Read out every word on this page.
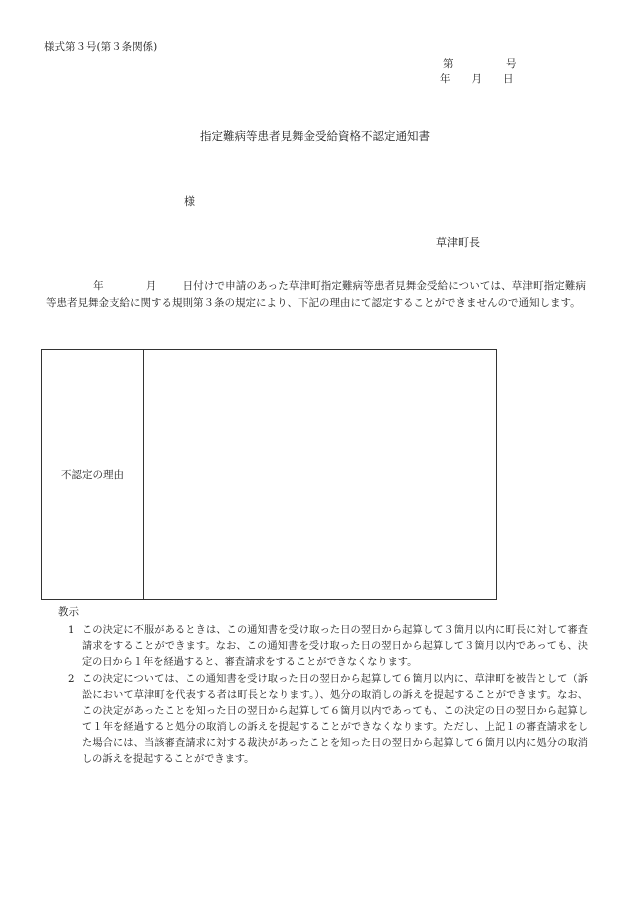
様式第３号(第３条関係)
第　　　　　号
年　　月　　日
指定難病等患者見舞金受給資格不認定通知書
様
草津町長
年	月 日付けで申請のあった草津町指定難病等患者見舞金受給については、草津町指定難病等患者見舞金支給に関する規則第３条の規定により、下記の理由にて認定することができませんので通知します。
不認定の理由
教示
1 この決定に不服があるときは、この通知書を受け取った日の翌日から起算して３箇月以内に町長に対して審査請求をすることができます。なお、この通知書を受け取った日の翌日から起算して３箇月以内であっても、決定の日から１年を経過すると、審査請求をすることができなくなります。
2 この決定については、この通知書を受け取った日の翌日から起算して６箇月以内に、草津町を被告として（訴訟において草津町を代表する者は町長となります。）、処分の取消しの訴えを提起することができます。なお、この決定があったことを知った日の翌日から起算して６箇月以内であっても、この決定の日の翌日から起算して１年を経過すると処分の取消しの訴えを提起することができなくなります。ただし、上記１の審査請求をした場合には、当該審査請求に対する裁決があったことを知った日の翌日から起算して６箇月以内に処分の取消しの訴えを提起することができます。
